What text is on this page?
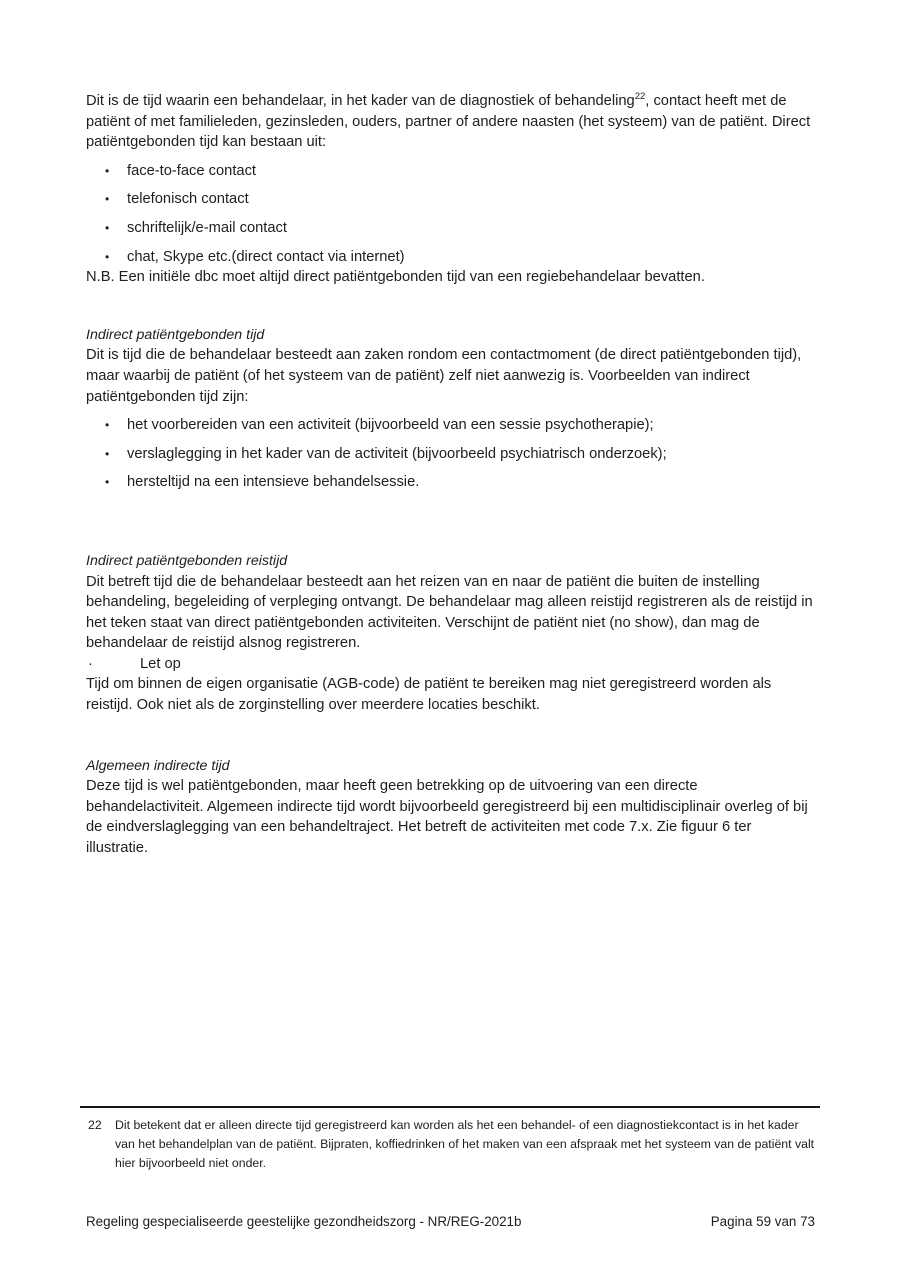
Dit is de tijd waarin een behandelaar, in het kader van de diagnostiek of behandeling$^{22}$, contact heeft met de patiënt of met familieleden, gezinsleden, ouders, partner of andere naasten (het systeem) van de patiënt. Direct patiëntgebonden tijd kan bestaan uit:

• face-to-face contact
• telefonisch contact
• schriftelijk/e-mail contact
• chat, Skype etc.(direct contact via internet)

N.B. Een initiële dbc moet altijd direct patiëntgebonden tijd van een regiebehandelaar bevatten.

Indirect patiëntgebonden tijd

Dit is tijd die de behandelaar besteedt aan zaken rondom een contactmoment (de direct patiëntgebonden tijd), maar waarbij de patiënt (of het systeem van de patiënt) zelf niet aanwezig is. Voorbeelden van indirect patiëntgebonden tijd zijn:

• het voorbereiden van een activiteit (bijvoorbeeld van een sessie psychotherapie);
• verslaglegging in het kader van de activiteit (bijvoorbeeld psychiatrisch onderzoek);
• hersteltijd na een intensieve behandelsessie.
Indirect patiëntgebonden reistijd

Dit betreft tijd die de behandelaar besteedt aan het reizen van en naar de patiënt die buiten de instelling behandeling, begeleiding of verpleging ontvangt. De behandelaar mag alleen reistijd registreren als de reistijd in het teken staat van direct patiëntgebonden activiteiten. Verschijnt de patiënt niet (no show), dan mag de behandelaar de reistijd alsnog registreren.

· Let op

Tijd om binnen de eigen organisatie (AGB-code) de patiënt te bereiken mag niet geregistreerd worden als reistijd. Ook niet als de zorginstelling over meerdere locaties beschikt.

Algemeen indirecte tijd

Deze tijd is wel patiëntgebonden, maar heeft geen betrekking op de uitvoering van een directe behandelactiviteit. Algemeen indirecte tijd wordt bijvoorbeeld geregistreerd bij een multidisciplinair overleg of bij de eindverslaglegging van een behandeltraject. Het betreft de activiteiten met code 7.x. Zie figuur 6 ter illustratie.

22	Dit betekent dat er alleen directe tijd geregistreerd kan worden als het een behandel- of een diagnostiekcontact is in het kader van het behandelplan van de patiënt. Bijpraten, koffiedrinken of het maken van een afspraak met het systeem van de patiënt valt hier bijvoorbeeld niet onder.
Regeling gespecialiseerde geestelijke gezondheidszorg - NR/REG-2021b	Pagina 59 van 73
